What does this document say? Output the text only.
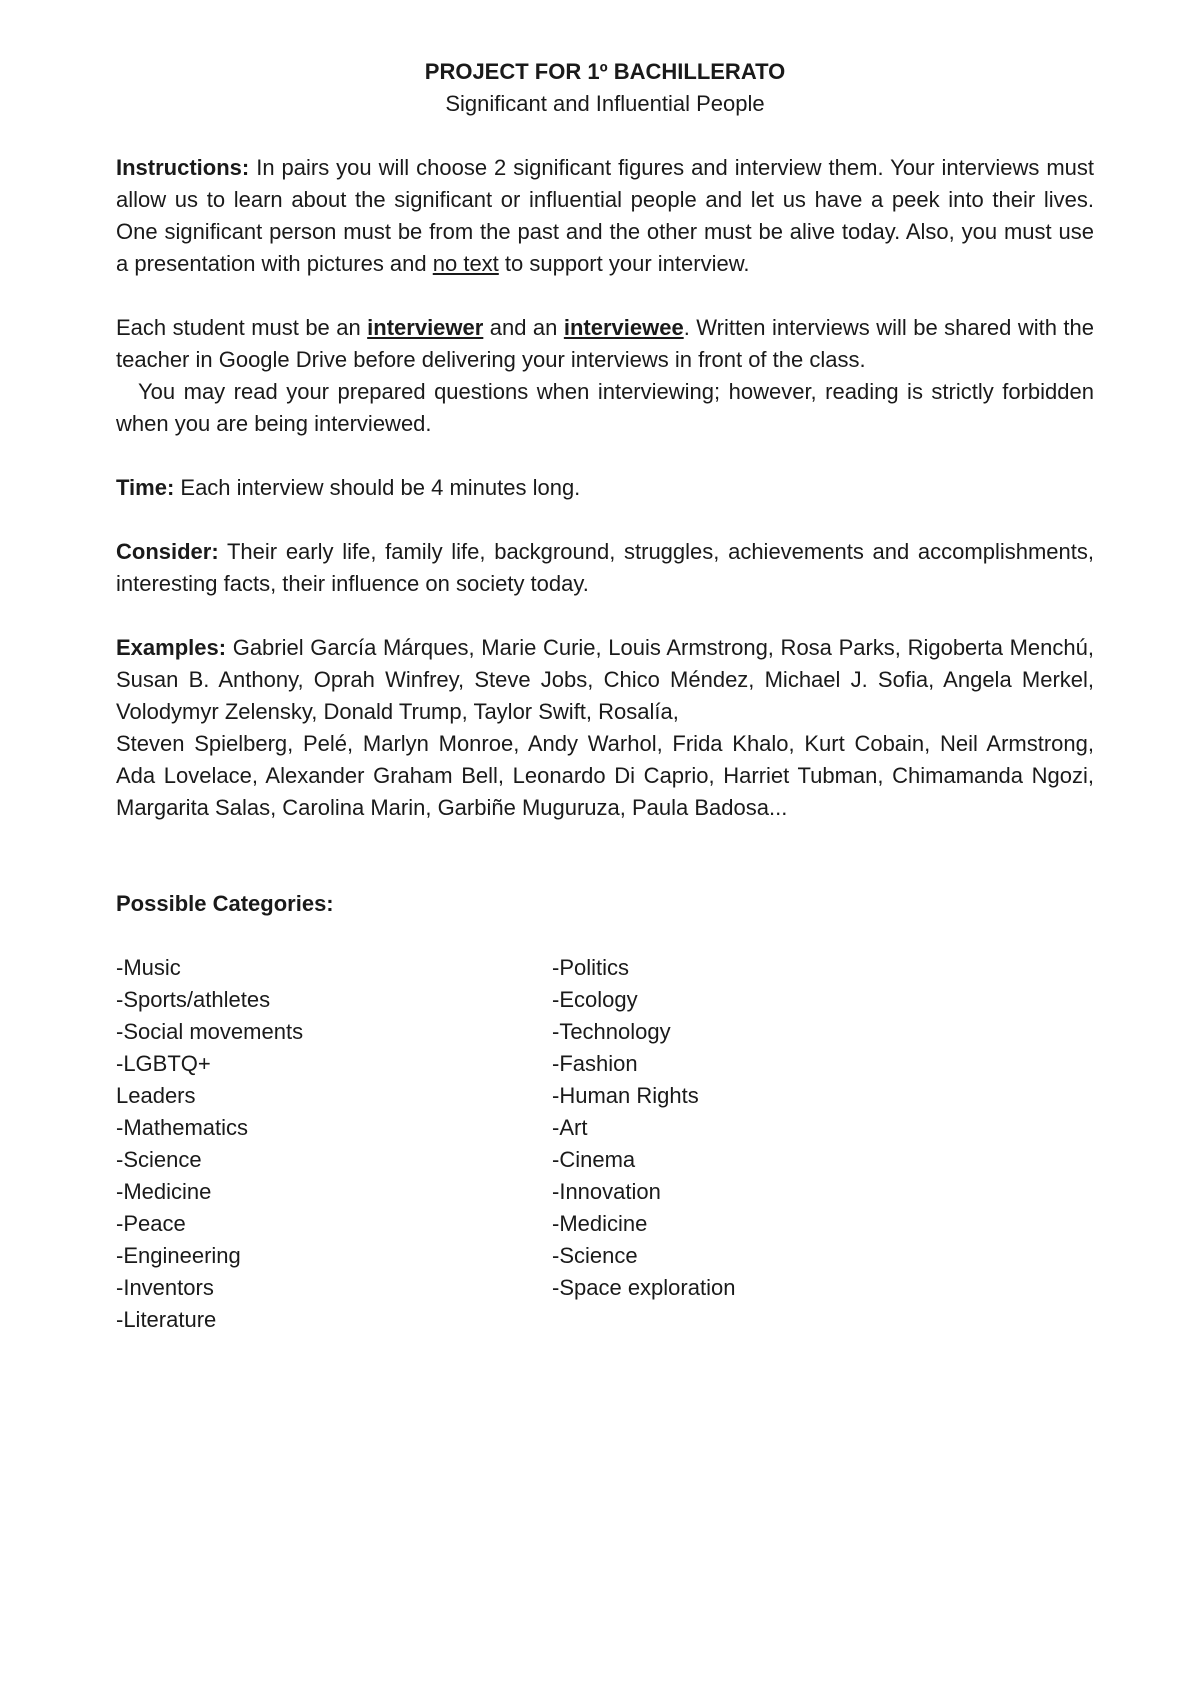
PROJECT FOR 1º BACHILLERATO

Significant and Influential People

Instructions: In pairs you will choose 2 significant figures and interview them. Your interviews must allow us to learn about the significant or influential people and let us have a peek into their lives. One significant person must be from the past and the other must be alive today. Also, you must use a presentation with pictures and no text to support your interview.

Each student must be an interviewer and an interviewee. Written interviews will be shared with the teacher in Google Drive before delivering your interviews in front of the class.

You may read your prepared questions when interviewing; however, reading is strictly forbidden when you are being interviewed.

Time: Each interview should be 4 minutes long.

Consider: Their early life, family life, background, struggles, achievements and accomplishments, interesting facts, their influence on society today.

Examples: Gabriel García Márques, Marie Curie, Louis Armstrong, Rosa Parks, Rigoberta Menchú, Susan B. Anthony, Oprah Winfrey, Steve Jobs, Chico Méndez, Michael J. Sofia, Angela Merkel, Volodymyr Zelensky, Donald Trump, Taylor Swift, Rosalía,

Steven Spielberg, Pelé, Marlyn Monroe, Andy Warhol, Frida Khalo, Kurt Cobain, Neil Armstrong, Ada Lovelace, Alexander Graham Bell, Leonardo Di Caprio, Harriet Tubman, Chimamanda Ngozi, Margarita Salas, Carolina Marin, Garbiñe Muguruza, Paula Badosa...

Possible Categories:

-Music
-Sports/athletes
-Social movements
-LGBTQ+
Leaders
-Mathematics
-Science
-Medicine
-Peace
-Engineering
-Inventors
-Literature
-Politics
-Ecology
-Technology
-Fashion
-Human Rights
-Art
-Cinema
-Innovation
-Medicine
-Science
-Space exploration
